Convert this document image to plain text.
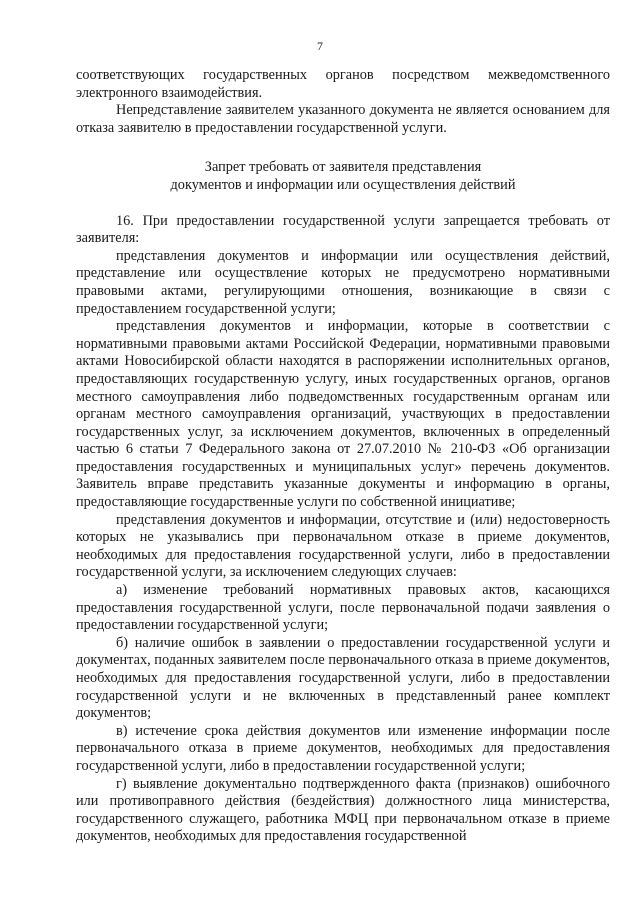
7

соответствующих государственных органов посредством межведомственного электронного взаимодействия.

Непредставление заявителем указанного документа не является основанием для отказа заявителю в предоставлении государственной услуги.

Запрет требовать от заявителя представления

документов и информации или осуществления действий

16. При предоставлении государственной услуги запрещается требовать от заявителя:

представления документов и информации или осуществления действий, представление или осуществление которых не предусмотрено нормативными правовыми актами, регулирующими отношения, возникающие в связи с предоставлением государственной услуги;

представления документов и информации, которые в соответствии с нормативными правовыми актами Российской Федерации, нормативными правовыми актами Новосибирской области находятся в распоряжении исполнительных органов, предоставляющих государственную услугу, иных государственных органов, органов местного самоуправления либо подведомственных государственным органам или органам местного самоуправления организаций, участвующих в предоставлении государственных услуг, за исключением документов, включенных в определенный частью 6 статьи 7 Федерального закона от 27.07.2010 № 210-ФЗ «Об организации предоставления государственных и муниципальных услуг» перечень документов. Заявитель вправе представить указанные документы и информацию в органы, предоставляющие государственные услуги по собственной инициативе;

представления документов и информации, отсутствие и (или) недостоверность которых не указывались при первоначальном отказе в приеме документов, необходимых для предоставления государственной услуги, либо в предоставлении государственной услуги, за исключением следующих случаев:

а) изменение требований нормативных правовых актов, касающихся предоставления государственной услуги, после первоначальной подачи заявления о предоставлении государственной услуги;

б) наличие ошибок в заявлении о предоставлении государственной услуги и документах, поданных заявителем после первоначального отказа в приеме документов, необходимых для предоставления государственной услуги, либо в предоставлении государственной услуги и не включенных в представленный ранее комплект документов;

в) истечение срока действия документов или изменение информации после первоначального отказа в приеме документов, необходимых для предоставления государственной услуги, либо в предоставлении государственной услуги;

г) выявление документально подтвержденного факта (признаков) ошибочного или противоправного действия (бездействия) должностного лица министерства, государственного служащего, работника МФЦ при первоначальном отказе в приеме документов, необходимых для предоставления государственной
